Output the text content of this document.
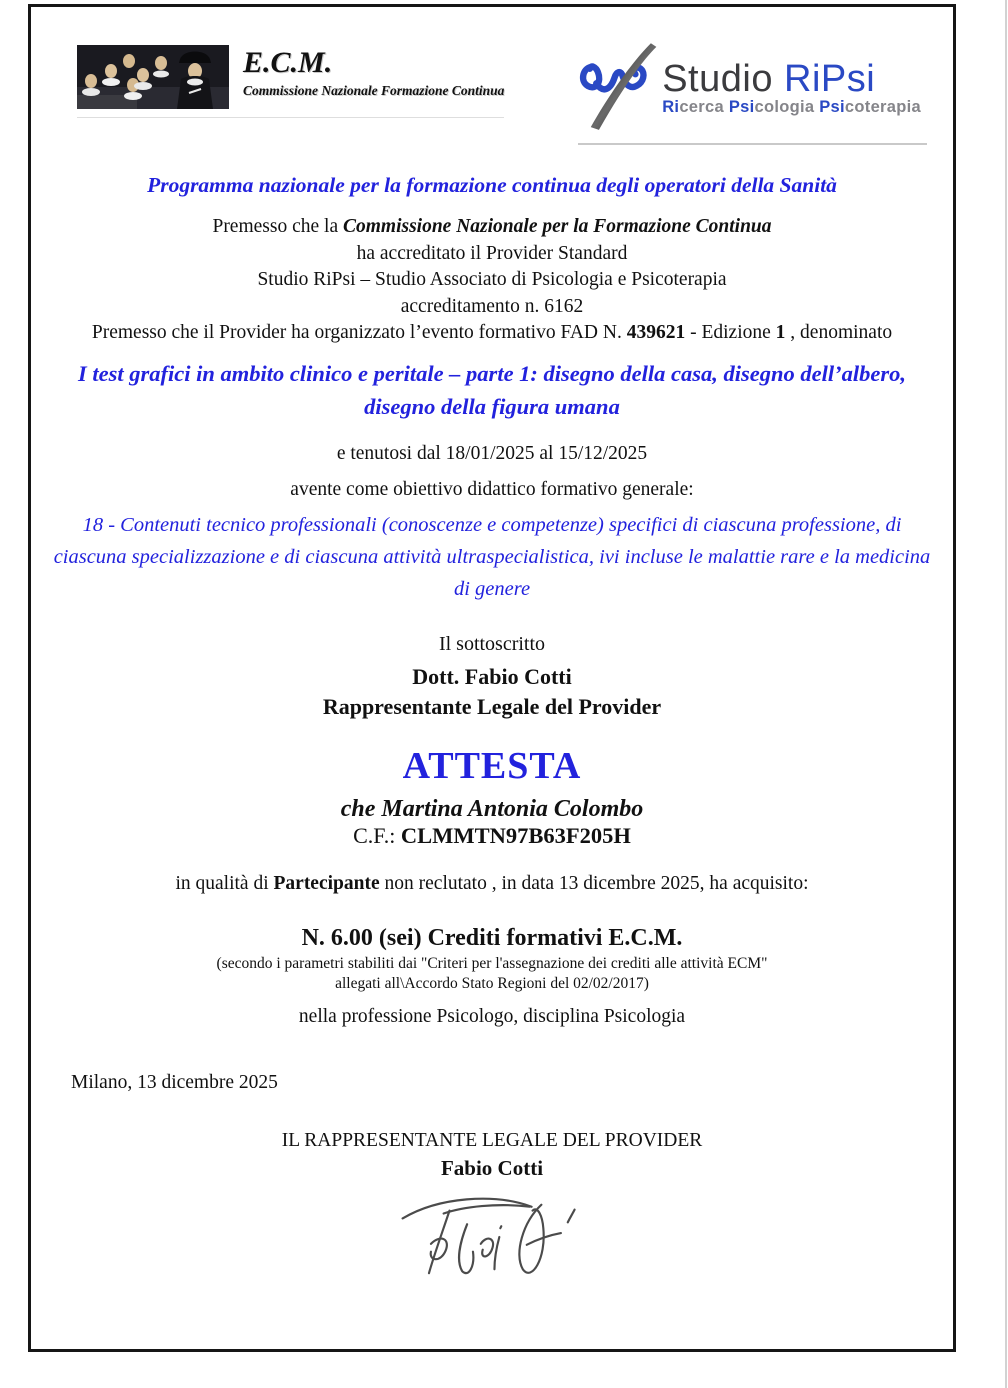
E.C.M.
Commissione Nazionale Formazione Continua	Studio RiPsi
Ricerca Psicologia Psicoterapia
Programma nazionale per la formazione continua degli operatori della Sanità
Premesso che la Commissione Nazionale per la Formazione Continua
ha accreditato il Provider Standard
Studio RiPsi – Studio Associato di Psicologia e Psicoterapia
accreditamento n. 6162
Premesso che il Provider ha organizzato l’evento formativo FAD N. 439621 - Edizione 1 , denominato
I test grafici in ambito clinico e peritale – parte 1: disegno della casa, disegno dell’albero, disegno della figura umana
e tenutosi dal 18/01/2025 al 15/12/2025
avente come obiettivo didattico formativo generale:
18 - Contenuti tecnico professionali (conoscenze e competenze) specifici di ciascuna professione, di ciascuna specializzazione e di ciascuna attività ultraspecialistica, ivi incluse le malattie rare e la medicina di genere
Il sottoscritto
Dott. Fabio Cotti
Rappresentante Legale del Provider
ATTESTA
che Martina Antonia Colombo
C.F.: CLMMTN97B63F205H
in qualità di Partecipante non reclutato , in data 13 dicembre 2025, ha acquisito:
N. 6.00 (sei) Crediti formativi E.C.M.
(secondo i parametri stabiliti dai "Criteri per l'assegnazione dei crediti alle attività ECM"
allegati all\Accordo Stato Regioni del 02/02/2017)
nella professione Psicologo, disciplina Psicologia
Milano, 13 dicembre 2025
IL RAPPRESENTANTE LEGALE DEL PROVIDER
Fabio Cotti
